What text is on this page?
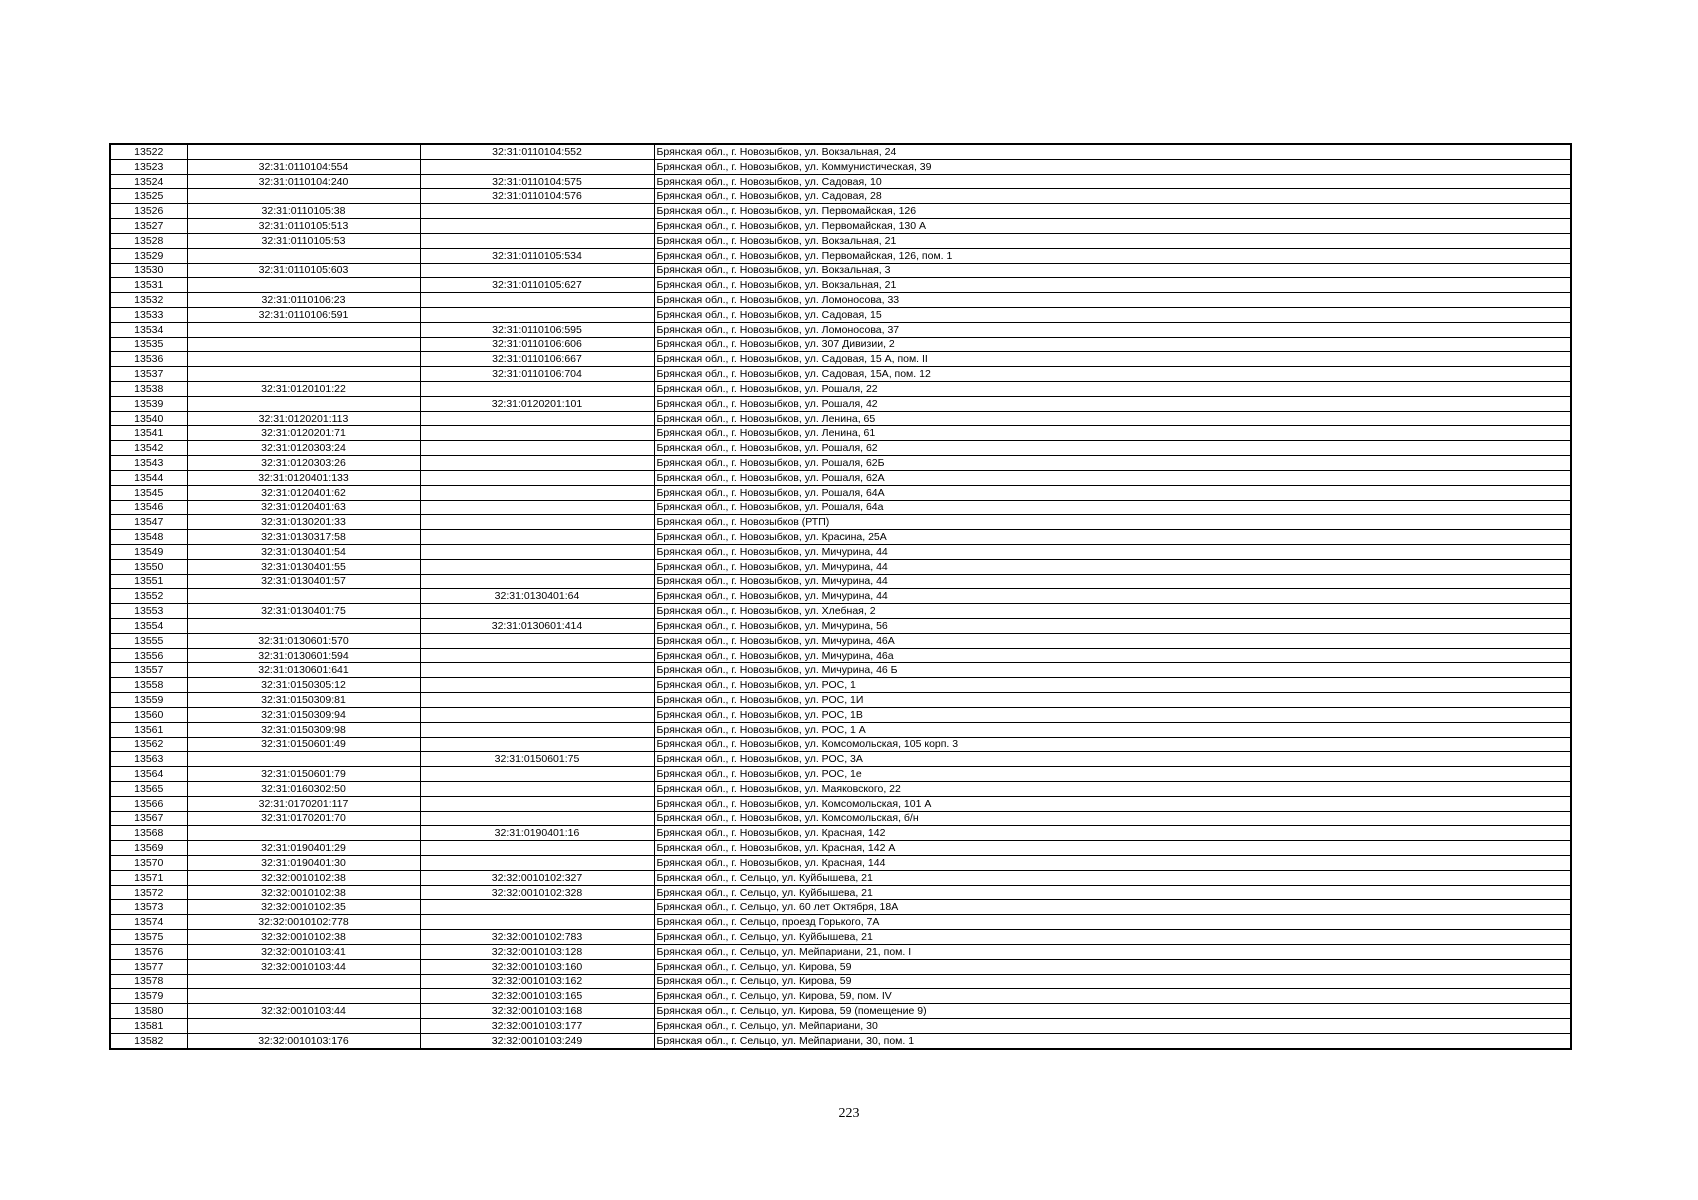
13522		32:31:0110104:552	Брянская обл., г. Новозыбков, ул. Вокзальная, 24
13523	32:31:0110104:554		Брянская обл., г. Новозыбков, ул. Коммунистическая, 39
13524	32:31:0110104:240	32:31:0110104:575	Брянская обл., г. Новозыбков, ул. Садовая, 10
13525		32:31:0110104:576	Брянская обл., г. Новозыбков, ул. Садовая, 28
13526	32:31:0110105:38		Брянская обл., г. Новозыбков, ул. Первомайская, 126
13527	32:31:0110105:513		Брянская обл., г. Новозыбков, ул. Первомайская, 130 А
13528	32:31:0110105:53		Брянская обл., г. Новозыбков, ул. Вокзальная, 21
13529		32:31:0110105:534	Брянская обл., г. Новозыбков, ул. Первомайская, 126, пом. 1
13530	32:31:0110105:603		Брянская обл., г. Новозыбков, ул. Вокзальная, 3
13531		32:31:0110105:627	Брянская обл., г. Новозыбков, ул. Вокзальная, 21
13532	32:31:0110106:23		Брянская обл., г. Новозыбков, ул. Ломоносова, 33
13533	32:31:0110106:591		Брянская обл., г. Новозыбков, ул. Садовая, 15
13534		32:31:0110106:595	Брянская обл., г. Новозыбков, ул. Ломоносова, 37
13535		32:31:0110106:606	Брянская обл., г. Новозыбков, ул. 307 Дивизии, 2
13536		32:31:0110106:667	Брянская обл., г. Новозыбков, ул. Садовая, 15 А, пом. II
13537		32:31:0110106:704	Брянская обл., г. Новозыбков, ул. Садовая, 15А, пом. 12
13538	32:31:0120101:22		Брянская обл., г. Новозыбков, ул. Рошаля, 22
13539		32:31:0120201:101	Брянская обл., г. Новозыбков, ул. Рошаля, 42
13540	32:31:0120201:113		Брянская обл., г. Новозыбков, ул. Ленина, 65
13541	32:31:0120201:71		Брянская обл., г. Новозыбков, ул. Ленина, 61
13542	32:31:0120303:24		Брянская обл., г. Новозыбков, ул. Рошаля, 62
13543	32:31:0120303:26		Брянская обл., г. Новозыбков, ул. Рошаля, 62Б
13544	32:31:0120401:133		Брянская обл., г. Новозыбков, ул. Рошаля, 62А
13545	32:31:0120401:62		Брянская обл., г. Новозыбков, ул. Рошаля, 64А
13546	32:31:0120401:63		Брянская обл., г. Новозыбков, ул. Рошаля, 64а
13547	32:31:0130201:33		Брянская обл., г. Новозыбков (РТП)
13548	32:31:0130317:58		Брянская обл., г. Новозыбков, ул. Красина, 25А
13549	32:31:0130401:54		Брянская обл., г. Новозыбков, ул. Мичурина, 44
13550	32:31:0130401:55		Брянская обл., г. Новозыбков, ул. Мичурина, 44
13551	32:31:0130401:57		Брянская обл., г. Новозыбков, ул. Мичурина, 44
13552		32:31:0130401:64	Брянская обл., г. Новозыбков, ул. Мичурина, 44
13553	32:31:0130401:75		Брянская обл., г. Новозыбков, ул. Хлебная, 2
13554		32:31:0130601:414	Брянская обл., г. Новозыбков, ул. Мичурина, 56
13555	32:31:0130601:570		Брянская обл., г. Новозыбков, ул. Мичурина, 46А
13556	32:31:0130601:594		Брянская обл., г. Новозыбков, ул. Мичурина, 46а
13557	32:31:0130601:641		Брянская обл., г. Новозыбков, ул. Мичурина, 46 Б
13558	32:31:0150305:12		Брянская обл., г. Новозыбков, ул. РОС, 1
13559	32:31:0150309:81		Брянская обл., г. Новозыбков, ул. РОС, 1И
13560	32:31:0150309:94		Брянская обл., г. Новозыбков, ул. РОС, 1В
13561	32:31:0150309:98		Брянская обл., г. Новозыбков, ул. РОС, 1 А
13562	32:31:0150601:49		Брянская обл., г. Новозыбков, ул. Комсомольская, 105 корп. 3
13563		32:31:0150601:75	Брянская обл., г. Новозыбков, ул. РОС, 3А
13564	32:31:0150601:79		Брянская обл., г. Новозыбков, ул. РОС, 1е
13565	32:31:0160302:50		Брянская обл., г. Новозыбков, ул. Маяковского, 22
13566	32:31:0170201:117		Брянская обл., г. Новозыбков, ул. Комсомольская, 101 А
13567	32:31:0170201:70		Брянская обл., г. Новозыбков, ул. Комсомольская, б/н
13568		32:31:0190401:16	Брянская обл., г. Новозыбков, ул. Красная, 142
13569	32:31:0190401:29		Брянская обл., г. Новозыбков, ул. Красная, 142 А
13570	32:31:0190401:30		Брянская обл., г. Новозыбков, ул. Красная, 144
13571	32:32:0010102:38	32:32:0010102:327	Брянская обл., г. Сельцо, ул. Куйбышева, 21
13572	32:32:0010102:38	32:32:0010102:328	Брянская обл., г. Сельцо, ул. Куйбышева, 21
13573	32:32:0010102:35		Брянская обл., г. Сельцо, ул. 60 лет Октября, 18А
13574	32:32:0010102:778		Брянская обл., г. Сельцо, проезд Горького, 7А
13575	32:32:0010102:38	32:32:0010102:783	Брянская обл., г. Сельцо, ул. Куйбышева, 21
13576	32:32:0010103:41	32:32:0010103:128	Брянская обл., г. Сельцо, ул. Мейпариани, 21, пом. I
13577	32:32:0010103:44	32:32:0010103:160	Брянская обл., г. Сельцо, ул. Кирова, 59
13578		32:32:0010103:162	Брянская обл., г. Сельцо, ул. Кирова, 59
13579		32:32:0010103:165	Брянская обл., г. Сельцо, ул. Кирова, 59, пом. IV
13580	32:32:0010103:44	32:32:0010103:168	Брянская обл., г. Сельцо, ул. Кирова, 59 (помещение 9)
13581		32:32:0010103:177	Брянская обл., г. Сельцо, ул. Мейпариани, 30
13582	32:32:0010103:176	32:32:0010103:249	Брянская обл., г. Сельцо, ул. Мейпариани, 30, пом. 1
223
